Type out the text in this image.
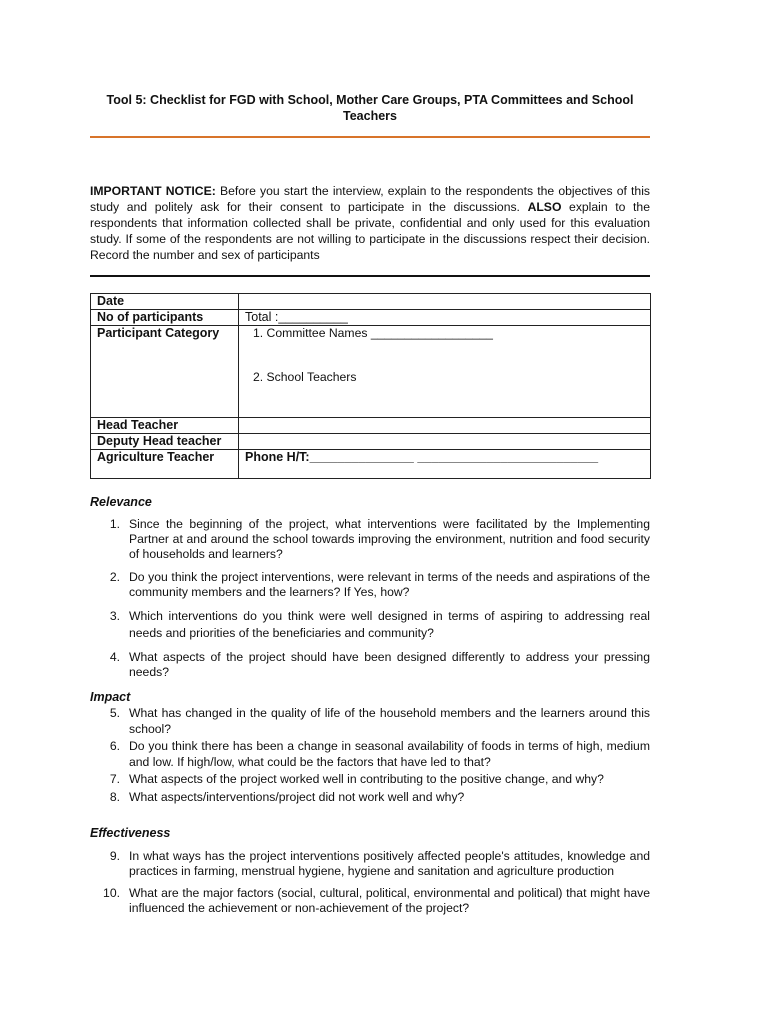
Tool 5: Checklist for FGD with School, Mother Care Groups, PTA Committees and School
Teachers
IMPORTANT NOTICE: Before you start the interview, explain to the respondents the objectives of this study and politely ask for their consent to participate in the discussions. ALSO explain to the respondents that information collected shall be private, confidential and only used for this evaluation study. If some of the respondents are not willing to participate in the discussions respect their decision. Record the number and sex of participants
Date	
No of participants	Total :__________
Participant Category	1. Committee Names __________________
2. School Teachers

Head Teacher	
Deputy Head teacher	
Agriculture Teacher	Phone H/T:_______________ __________________________
Relevance
1. Since the beginning of the project, what interventions were facilitated by the Implementing Partner at and around the school towards improving the environment, nutrition and food security of households and learners?
2. Do you think the project interventions, were relevant in terms of the needs and aspirations of the community members and the learners? If Yes, how?
3. Which interventions do you think were well designed in terms of aspiring to addressing real needs and priorities of the beneficiaries and community?
4. What aspects of the project should have been designed differently to address your pressing needs?
Impact
5. What has changed in the quality of life of the household members and the learners around this school?
6. Do you think there has been a change in seasonal availability of foods in terms of high, medium and low. If high/low, what could be the factors that have led to that?
7. What aspects of the project worked well in contributing to the positive change, and why?
8. What aspects/interventions/project did not work well and why?
Effectiveness
9. In what ways has the project interventions positively affected people's attitudes, knowledge and practices in farming, menstrual hygiene, hygiene and sanitation and agriculture production
10. What are the major factors (social, cultural, political, environmental and political) that might have influenced the achievement or non-achievement of the project?
